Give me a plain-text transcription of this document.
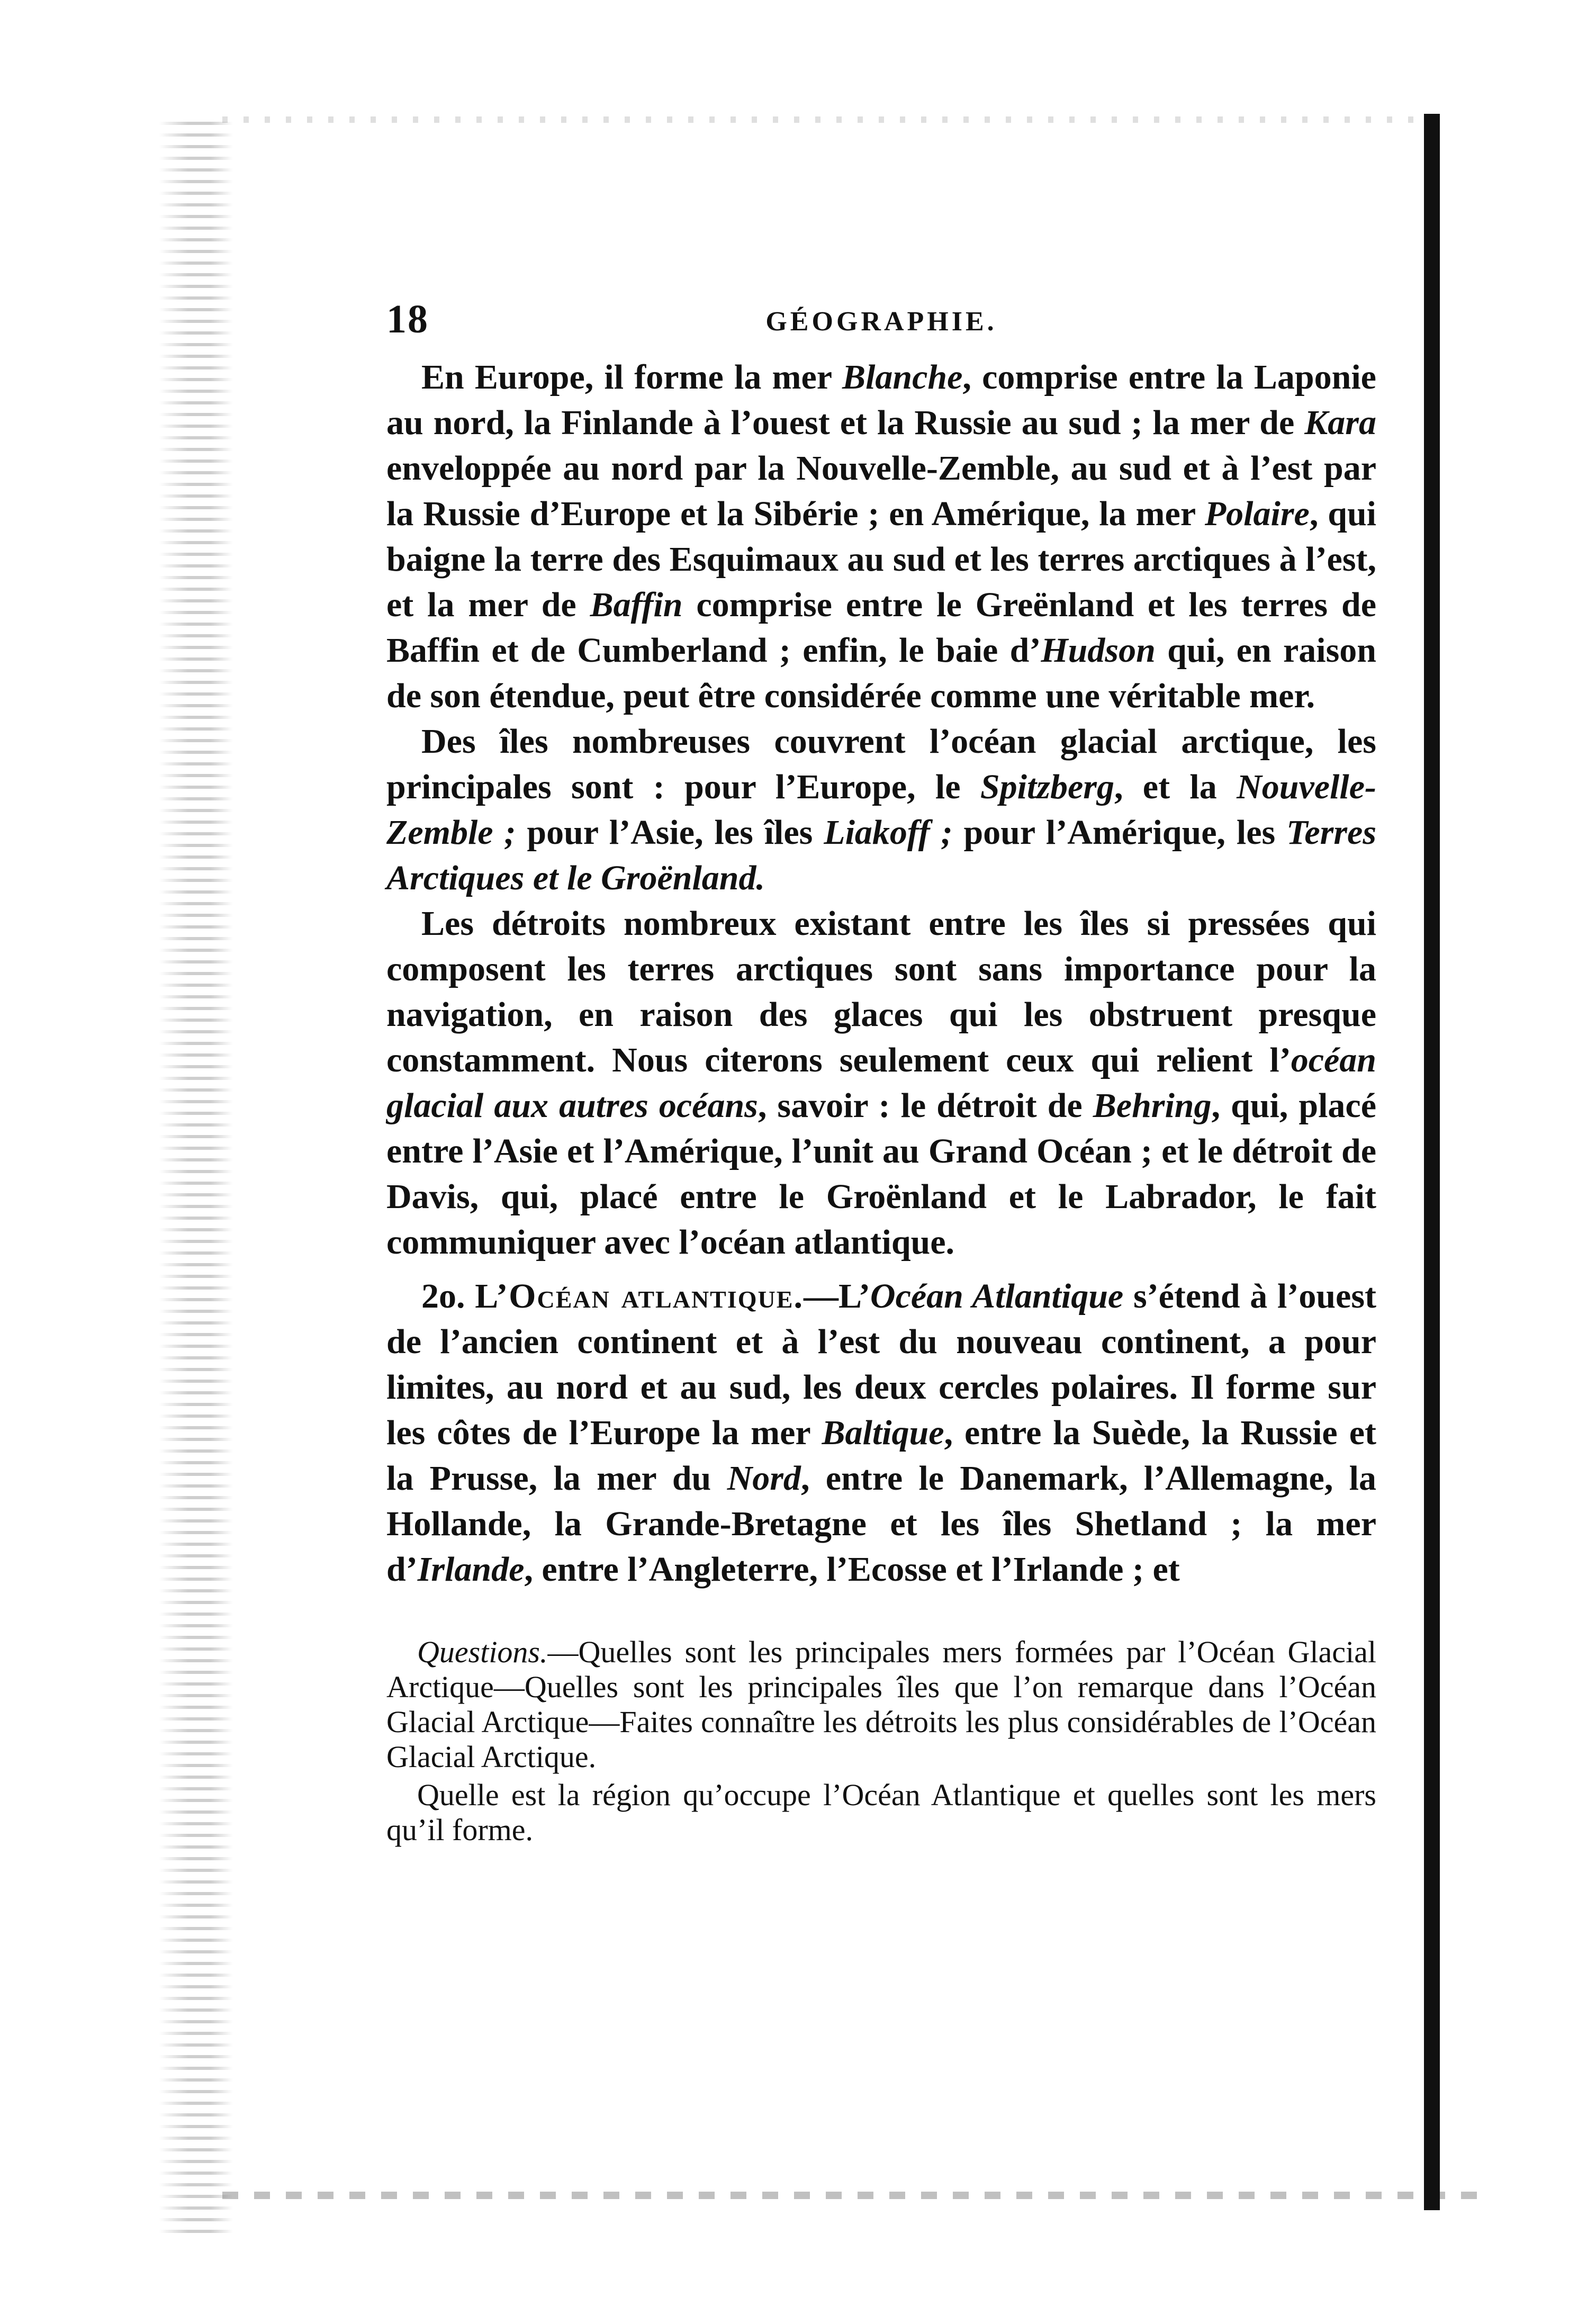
18	GÉOGRAPHIE.

En Europe, il forme la mer Blanche, comprise entre la Laponie au nord, la Finlande à l’ouest et la Russie au sud ; la mer de Kara enveloppée au nord par la Nouvelle-Zemble, au sud et à l’est par la Russie d’Europe et la Sibérie ; en Amérique, la mer Polaire, qui baigne la terre des Esquimaux au sud et les terres arctiques à l’est, et la mer de Baffin comprise entre le Greënland et les terres de Baffin et de Cumberland ; enfin, le baie d’Hudson qui, en raison de son étendue, peut être considérée comme une véritable mer.

Des îles nombreuses couvrent l’océan glacial arctique, les principales sont : pour l’Europe, le Spitzberg, et la Nouvelle-Zemble ; pour l’Asie, les îles Liakoff ; pour l’Amérique, les Terres Arctiques et le Groënland.

Les détroits nombreux existant entre les îles si pressées qui composent les terres arctiques sont sans importance pour la navigation, en raison des glaces qui les obstruent presque constamment. Nous citerons seulement ceux qui relient l’océan glacial aux autres océans, savoir : le détroit de Behring, qui, placé entre l’Asie et l’Amérique, l’unit au Grand Océan ; et le détroit de Davis, qui, placé entre le Groënland et le Labrador, le fait communiquer avec l’océan atlantique.

2o. L’Océan atlantique.—L’Océan Atlantique s’étend à l’ouest de l’ancien continent et à l’est du nouveau continent, a pour limites, au nord et au sud, les deux cercles polaires. Il forme sur les côtes de l’Europe la mer Baltique, entre la Suède, la Russie et la Prusse, la mer du Nord, entre le Danemark, l’Allemagne, la Hollande, la Grande-Bretagne et les îles Shetland ; la mer d’Irlande, entre l’Angleterre, l’Ecosse et l’Irlande ; et

Questions.—Quelles sont les principales mers formées par l’Océan Glacial Arctique—Quelles sont les principales îles que l’on remarque dans l’Océan Glacial Arctique—Faites connaître les détroits les plus considérables de l’Océan Glacial Arctique.

Quelle est la région qu’occupe l’Océan Atlantique et quelles sont les mers qu’il forme.
